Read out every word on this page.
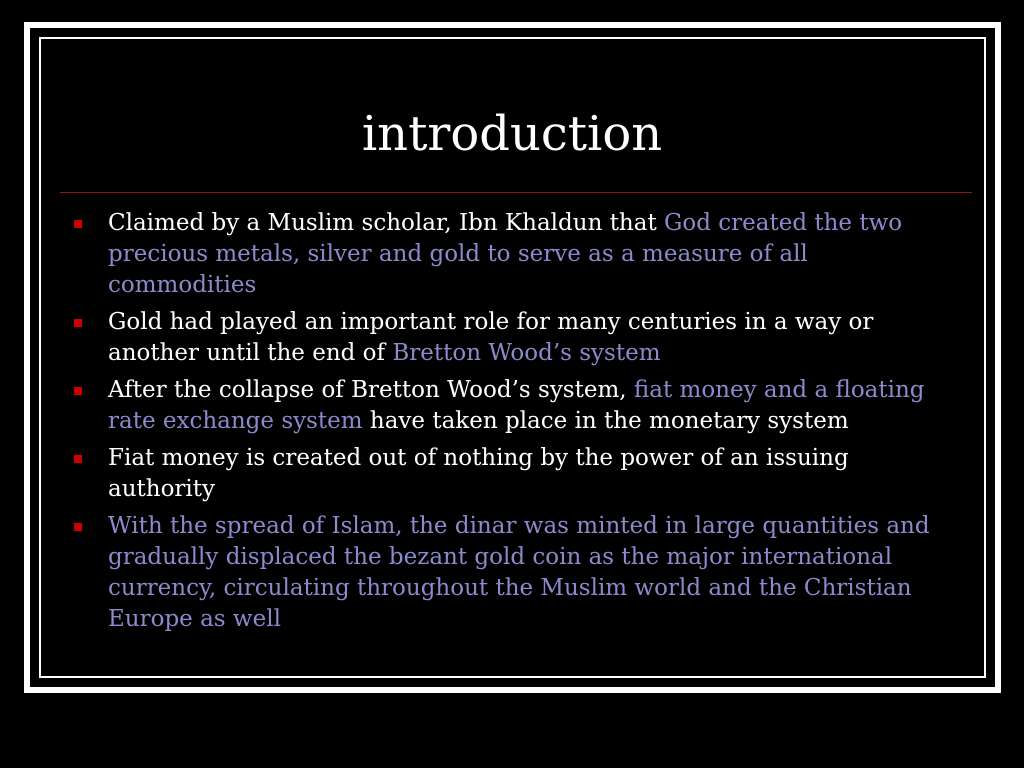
introduction
Claimed by a Muslim scholar, Ibn Khaldun that God created the two precious metals, silver and gold to serve as a measure of all commodities
Gold had played an important role for many centuries in a way or another until the end of Bretton Wood’s system
After the collapse of Bretton Wood’s system, fiat money and a floating rate exchange system have taken place in the monetary system
Fiat money is created out of nothing by the power of an issuing authority
With the spread of Islam, the dinar was minted in large quantities and gradually displaced the bezant gold coin as the major international currency, circulating throughout the Muslim world and the Christian Europe as well
